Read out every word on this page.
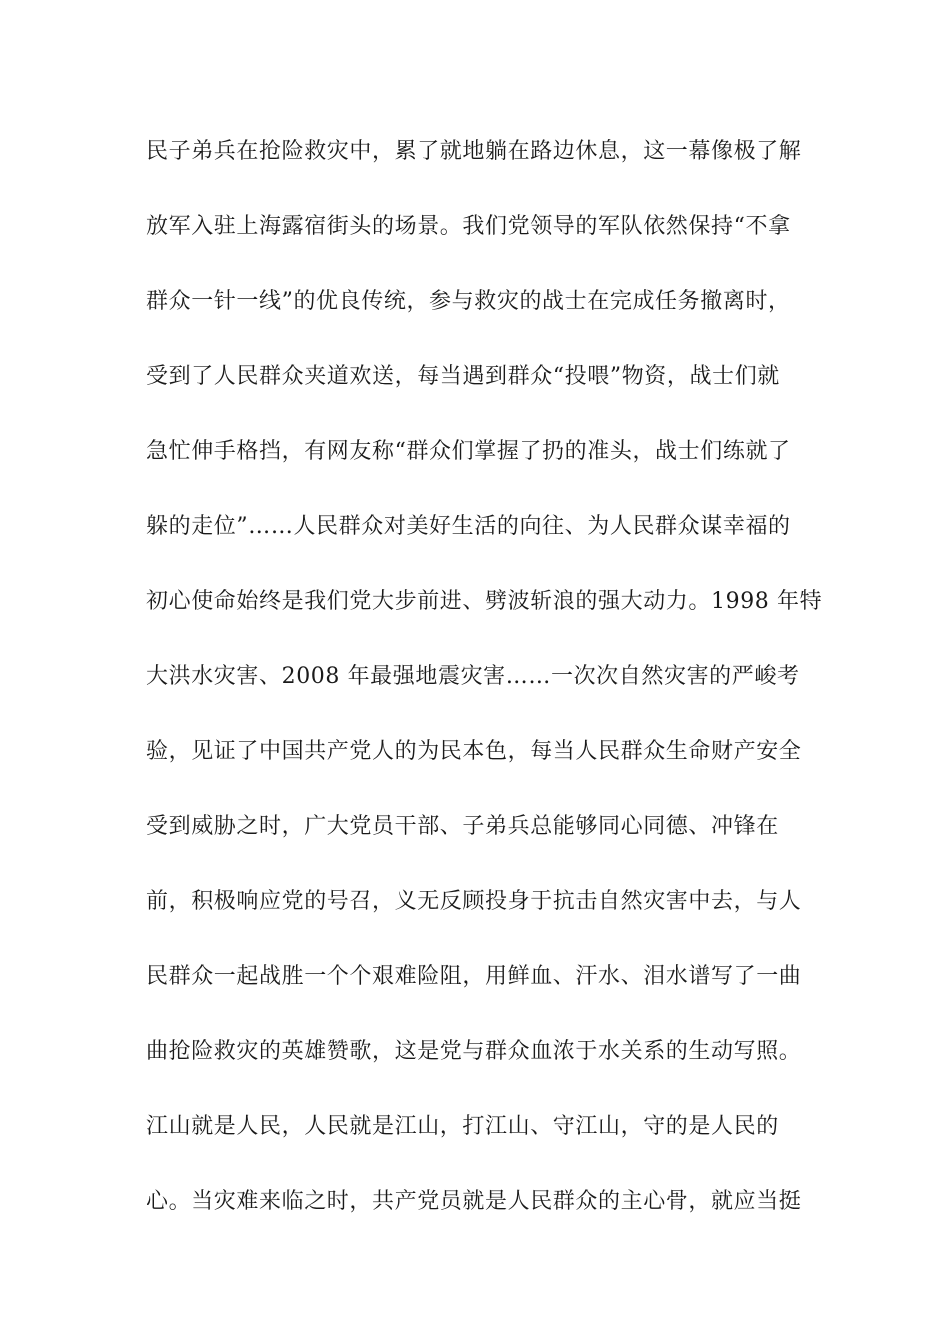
民子弟兵在抢险救灾中，累了就地躺在路边休息，这一幕像极了解
放军入驻上海露宿街头的场景。我们党领导的军队依然保持“不拿
群众一针一线”的优良传统，参与救灾的战士在完成任务撤离时，
受到了人民群众夹道欢送，每当遇到群众“投喂”物资，战士们就
急忙伸手格挡，有网友称“群众们掌握了扔的准头，战士们练就了
躲的走位”……人民群众对美好生活的向往、为人民群众谋幸福的
初心使命始终是我们党大步前进、劈波斩浪的强大动力。1998 年特
大洪水灾害、2008 年最强地震灾害……一次次自然灾害的严峻考
验，见证了中国共产党人的为民本色，每当人民群众生命财产安全
受到威胁之时，广大党员干部、子弟兵总能够同心同德、冲锋在
前，积极响应党的号召，义无反顾投身于抗击自然灾害中去，与人
民群众一起战胜一个个艰难险阻，用鲜血、汗水、泪水谱写了一曲
曲抢险救灾的英雄赞歌，这是党与群众血浓于水关系的生动写照。
江山就是人民，人民就是江山，打江山、守江山，守的是人民的
心。当灾难来临之时，共产党员就是人民群众的主心骨，就应当挺
